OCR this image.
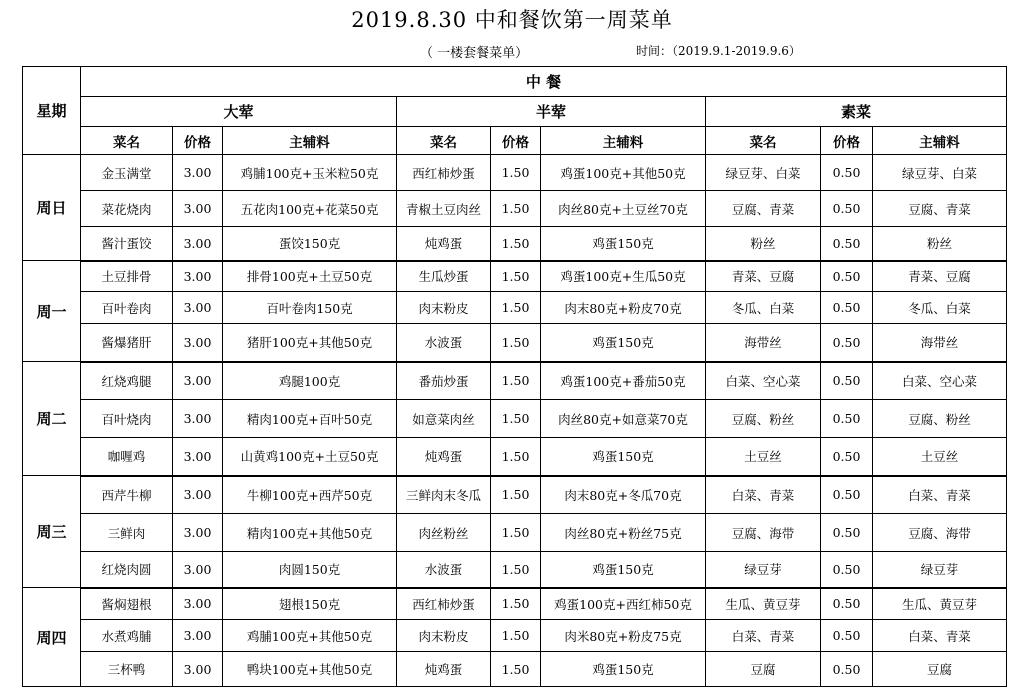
2019.8.30 中和餐饮第一周菜单
（ 一楼套餐菜单）	时间：（2019.9.1-2019.9.6）
星期	中 餐								
	大荤			半荤			素菜		
	菜名	价格	主辅料	菜名	价格	主辅料	菜名	价格	主辅料
周日	金玉满堂	3.00	鸡脯100克+玉米粒50克	西红柿炒蛋	1.50	鸡蛋100克+其他50克	绿豆芽、白菜	0.50	绿豆芽、白菜
	菜花烧肉	3.00	五花肉100克+花菜50克	青椒土豆肉丝	1.50	肉丝80克+土豆丝70克	豆腐、青菜	0.50	豆腐、青菜
	酱汁蛋饺	3.00	蛋饺150克	炖鸡蛋	1.50	鸡蛋150克	粉丝	0.50	粉丝
周一	土豆排骨	3.00	排骨100克+土豆50克	生瓜炒蛋	1.50	鸡蛋100克+生瓜50克	青菜、豆腐	0.50	青菜、豆腐
	百叶卷肉	3.00	百叶卷肉150克	肉末粉皮	1.50	肉末80克+粉皮70克	冬瓜、白菜	0.50	冬瓜、白菜
	酱爆猪肝	3.00	猪肝100克+其他50克	水波蛋	1.50	鸡蛋150克	海带丝	0.50	海带丝
周二	红烧鸡腿	3.00	鸡腿100克	番茄炒蛋	1.50	鸡蛋100克+番茄50克	白菜、空心菜	0.50	白菜、空心菜
	百叶烧肉	3.00	精肉100克+百叶50克	如意菜肉丝	1.50	肉丝80克+如意菜70克	豆腐、粉丝	0.50	豆腐、粉丝
	咖喱鸡	3.00	山黄鸡100克+土豆50克	炖鸡蛋	1.50	鸡蛋150克	土豆丝	0.50	土豆丝
周三	西芹牛柳	3.00	牛柳100克+西芹50克	三鲜肉末冬瓜	1.50	肉末80克+冬瓜70克	白菜、青菜	0.50	白菜、青菜
	三鲜肉	3.00	精肉100克+其他50克	肉丝粉丝	1.50	肉丝80克+粉丝75克	豆腐、海带	0.50	豆腐、海带
	红烧肉圆	3.00	肉圆150克	水波蛋	1.50	鸡蛋150克	绿豆芽	0.50	绿豆芽
周四	酱焖翅根	3.00	翅根150克	西红柿炒蛋	1.50	鸡蛋100克+西红柿50克	生瓜、黄豆芽	0.50	生瓜、黄豆芽
	水煮鸡脯	3.00	鸡脯100克+其他50克	肉末粉皮	1.50	肉米80克+粉皮75克	白菜、青菜	0.50	白菜、青菜
	三杯鸭	3.00	鸭块100克+其他50克	炖鸡蛋	1.50	鸡蛋150克	豆腐	0.50	豆腐
